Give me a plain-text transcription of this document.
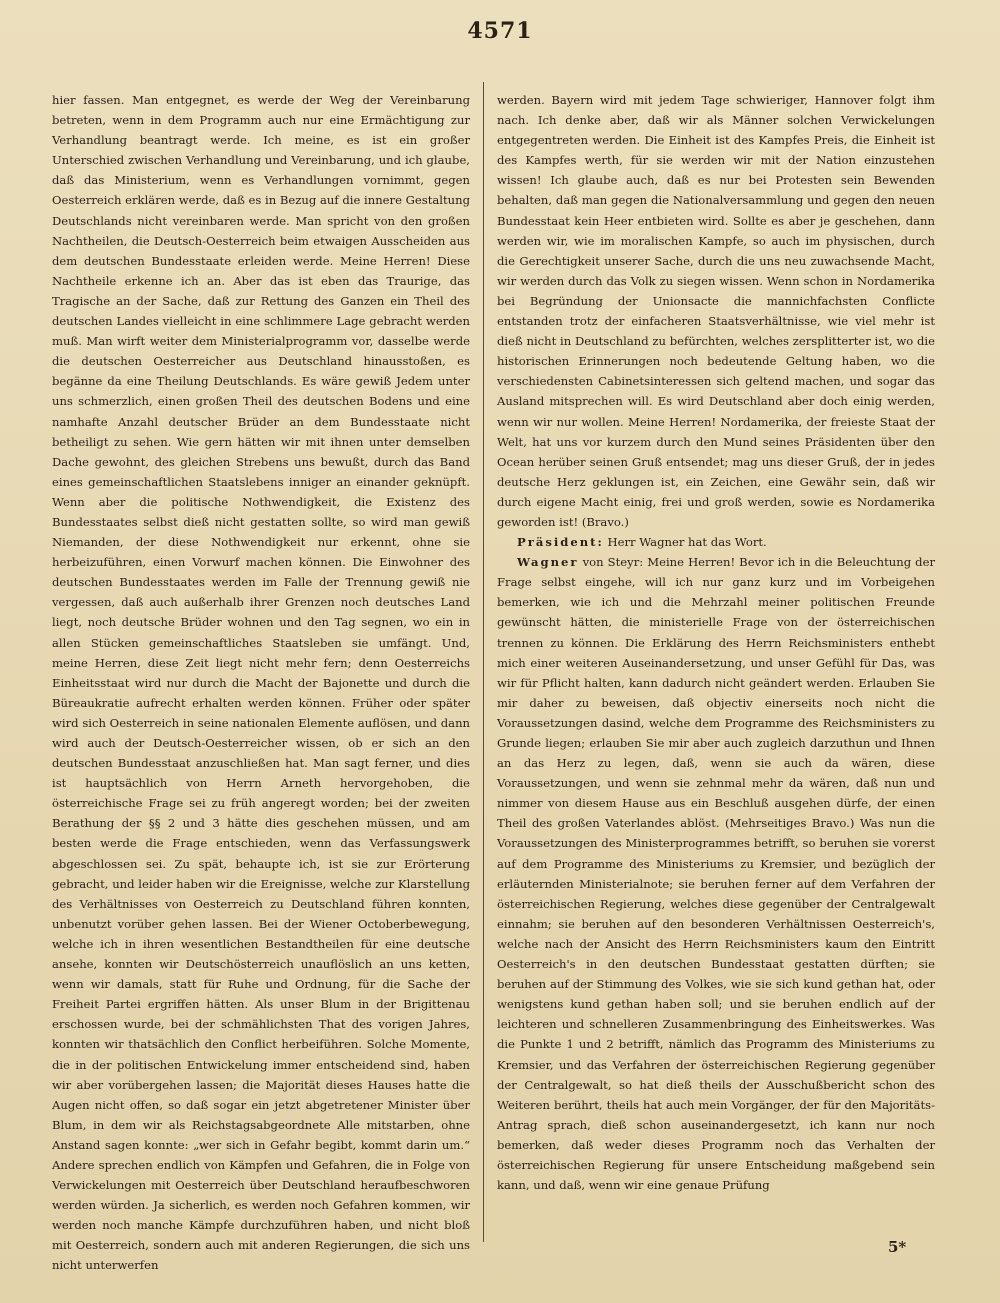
4571

hier fassen. Man entgegnet, es werde der Weg der Vereinbarung betreten, wenn in dem Programm auch nur eine Ermächtigung zur Verhandlung beantragt werde. Ich meine, es ist ein großer Unterschied zwischen Verhandlung und Vereinbarung, und ich glaube, daß das Ministerium, wenn es Verhandlungen vornimmt, gegen Oesterreich erklären werde, daß es in Bezug auf die innere Gestaltung Deutschlands nicht vereinbaren werde. Man spricht von den großen Nachtheilen, die Deutsch-Oesterreich beim etwaigen Ausscheiden aus dem deutschen Bundesstaate erleiden werde. Meine Herren! Diese Nachtheile erkenne ich an. Aber das ist eben das Traurige, das Tragische an der Sache, daß zur Rettung des Ganzen ein Theil des deutschen Landes vielleicht in eine schlimmere Lage gebracht werden muß. Man wirft weiter dem Ministerialprogramm vor, dasselbe werde die deutschen Oesterreicher aus Deutschland hinausstoßen, es begänne da eine Theilung Deutschlands. Es wäre gewiß Jedem unter uns schmerzlich, einen großen Theil des deutschen Bodens und eine namhafte Anzahl deutscher Brüder an dem Bundesstaate nicht betheiligt zu sehen. Wie gern hätten wir mit ihnen unter demselben Dache gewohnt, des gleichen Strebens uns bewußt, durch das Band eines gemeinschaftlichen Staatslebens inniger an einander geknüpft. Wenn aber die politische Nothwendigkeit, die Existenz des Bundesstaates selbst dieß nicht gestatten sollte, so wird man gewiß Niemanden, der diese Nothwendigkeit nur erkennt, ohne sie herbeizuführen, einen Vorwurf machen können. Die Einwohner des deutschen Bundesstaates werden im Falle der Trennung gewiß nie vergessen, daß auch außerhalb ihrer Grenzen noch deutsches Land liegt, noch deutsche Brüder wohnen und den Tag segnen, wo ein in allen Stücken gemeinschaftliches Staatsleben sie umfängt. Und, meine Herren, diese Zeit liegt nicht mehr fern; denn Oesterreichs Einheitsstaat wird nur durch die Macht der Bajonette und durch die Büreaukratie aufrecht erhalten werden können. Früher oder später wird sich Oesterreich in seine nationalen Elemente auflösen, und dann wird auch der Deutsch-Oesterreicher wissen, ob er sich an den deutschen Bundesstaat anzuschließen hat. Man sagt ferner, und dies ist hauptsächlich von Herrn Arneth hervorgehoben, die österreichische Frage sei zu früh angeregt worden; bei der zweiten Berathung der §§ 2 und 3 hätte dies geschehen müssen, und am besten werde die Frage entschieden, wenn das Verfassungswerk abgeschlossen sei. Zu spät, behaupte ich, ist sie zur Erörterung gebracht, und leider haben wir die Ereignisse, welche zur Klarstellung des Verhältnisses von Oesterreich zu Deutschland führen konnten, unbenutzt vorüber gehen lassen. Bei der Wiener Octoberbewegung, welche ich in ihren wesentlichen Bestandtheilen für eine deutsche ansehe, konnten wir Deutschösterreich unauflöslich an uns ketten, wenn wir damals, statt für Ruhe und Ordnung, für die Sache der Freiheit Partei ergriffen hätten. Als unser Blum in der Brigittenau erschossen wurde, bei der schmählichsten That des vorigen Jahres, konnten wir thatsächlich den Conflict herbeiführen. Solche Momente, die in der politischen Entwickelung immer entscheidend sind, haben wir aber vorübergehen lassen; die Majorität dieses Hauses hatte die Augen nicht offen, so daß sogar ein jetzt abgetretener Minister über Blum, in dem wir als Reichstagsabgeordnete Alle mitstarben, ohne Anstand sagen konnte: „wer sich in Gefahr begibt, kommt darin um.“ Andere sprechen endlich von Kämpfen und Gefahren, die in Folge von Verwickelungen mit Oesterreich über Deutschland heraufbeschworen werden würden. Ja sicherlich, es werden noch Gefahren kommen, wir werden noch manche Kämpfe durchzuführen haben, und nicht bloß mit Oesterreich, sondern auch mit anderen Regierungen, die sich uns nicht unterwerfen

werden. Bayern wird mit jedem Tage schwieriger, Hannover folgt ihm nach. Ich denke aber, daß wir als Männer solchen Verwickelungen entgegentreten werden. Die Einheit ist des Kampfes Preis, die Einheit ist des Kampfes werth, für sie werden wir mit der Nation einzustehen wissen! Ich glaube auch, daß es nur bei Protesten sein Bewenden behalten, daß man gegen die Nationalversammlung und gegen den neuen Bundesstaat kein Heer entbieten wird. Sollte es aber je geschehen, dann werden wir, wie im moralischen Kampfe, so auch im physischen, durch die Gerechtigkeit unserer Sache, durch die uns neu zuwachsende Macht, wir werden durch das Volk zu siegen wissen. Wenn schon in Nordamerika bei Begründung der Unionsacte die mannichfachsten Conflicte entstanden trotz der einfacheren Staatsverhältnisse, wie viel mehr ist dieß nicht in Deutschland zu befürchten, welches zersplitterter ist, wo die historischen Erinnerungen noch bedeutende Geltung haben, wo die verschiedensten Cabinetsinteressen sich geltend machen, und sogar das Ausland mitsprechen will. Es wird Deutschland aber doch einig werden, wenn wir nur wollen. Meine Herren! Nordamerika, der freieste Staat der Welt, hat uns vor kurzem durch den Mund seines Präsidenten über den Ocean herüber seinen Gruß entsendet; mag uns dieser Gruß, der in jedes deutsche Herz geklungen ist, ein Zeichen, eine Gewähr sein, daß wir durch eigene Macht einig, frei und groß werden, sowie es Nordamerika geworden ist! (Bravo.)

Präsident: Herr Wagner hat das Wort.

Wagner von Steyr: Meine Herren! Bevor ich in die Beleuchtung der Frage selbst eingehe, will ich nur ganz kurz und im Vorbeigehen bemerken, wie ich und die Mehrzahl meiner politischen Freunde gewünscht hätten, die ministerielle Frage von der österreichischen trennen zu können. Die Erklärung des Herrn Reichsministers enthebt mich einer weiteren Auseinandersetzung, und unser Gefühl für Das, was wir für Pflicht halten, kann dadurch nicht geändert werden. Erlauben Sie mir daher zu beweisen, daß objectiv einerseits noch nicht die Voraussetzungen dasind, welche dem Programme des Reichsministers zu Grunde liegen; erlauben Sie mir aber auch zugleich darzuthun und Ihnen an das Herz zu legen, daß, wenn sie auch da wären, diese Voraussetzungen, und wenn sie zehnmal mehr da wären, daß nun und nimmer von diesem Hause aus ein Beschluß ausgehen dürfe, der einen Theil des großen Vaterlandes ablöst. (Mehrseitiges Bravo.) Was nun die Voraussetzungen des Ministerprogrammes betrifft, so beruhen sie vorerst auf dem Programme des Ministeriums zu Kremsier, und bezüglich der erläuternden Ministerialnote; sie beruhen ferner auf dem Verfahren der österreichischen Regierung, welches diese gegenüber der Centralgewalt einnahm; sie beruhen auf den besonderen Verhältnissen Oesterreich's, welche nach der Ansicht des Herrn Reichsministers kaum den Eintritt Oesterreich's in den deutschen Bundesstaat gestatten dürften; sie beruhen auf der Stimmung des Volkes, wie sie sich kund gethan hat, oder wenigstens kund gethan haben soll; und sie beruhen endlich auf der leichteren und schnelleren Zusammenbringung des Einheitswerkes. Was die Punkte 1 und 2 betrifft, nämlich das Programm des Ministeriums zu Kremsier, und das Verfahren der österreichischen Regierung gegenüber der Centralgewalt, so hat dieß theils der Ausschußbericht schon des Weiteren berührt, theils hat auch mein Vorgänger, der für den Majoritäts-Antrag sprach, dieß schon auseinandergesetzt, ich kann nur noch bemerken, daß weder dieses Programm noch das Verhalten der österreichischen Regierung für unsere Entscheidung maßgebend sein kann, und daß, wenn wir eine genaue Prüfung

5*
